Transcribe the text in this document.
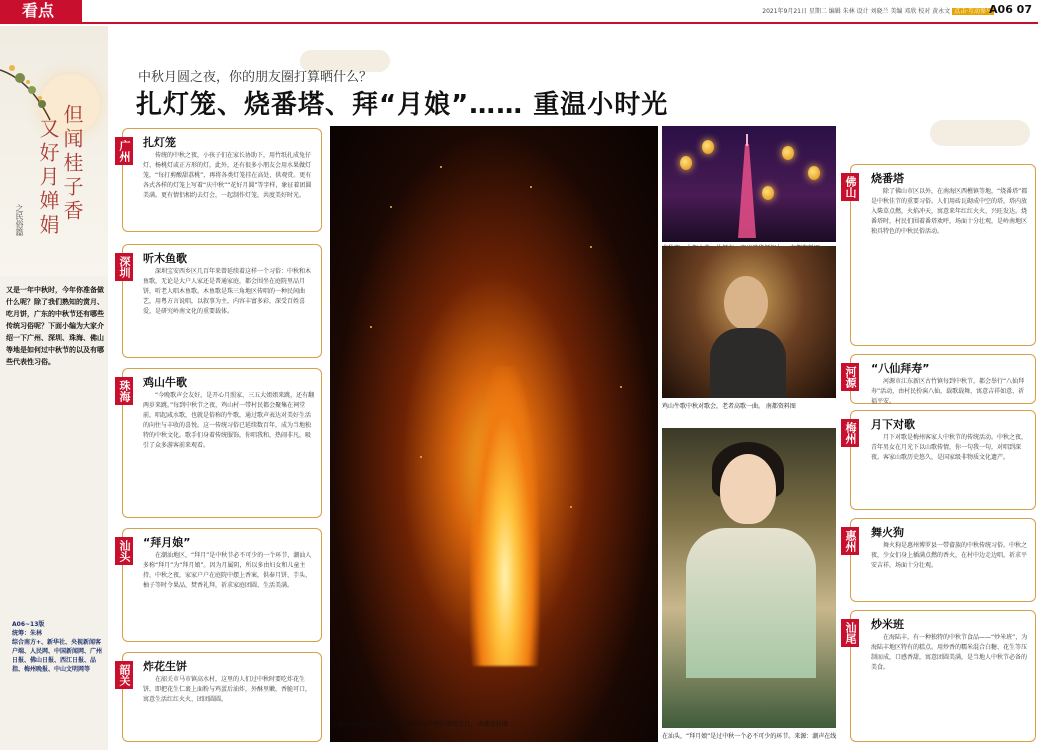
看点	2021年9月21日 星期二 编辑 朱林 设计 刘晓兰 美编 邓欣 校对 黄永文 点击·互动参与
A06 07
但闻桂子香
又好月婵娟
之民俗篇
又是一年中秋时，今年你准备做什么呢？除了我们熟知的赏月、吃月饼，广东的中秋节还有哪些传统习俗呢？下面小编为大家介绍一下广州、深圳、珠海、佛山等地是如何过中秋节的以及有哪些代表性习俗。
A06~13版
统筹：朱林
综合南方+、新华社、央视新闻客户端、人民网、中国新闻网、广州日报、佛山日报、西江日报、品指、梅州晚报、中山文明网等
中秋月圆之夜，你的朋友圈打算晒什么？
扎灯笼、烧番塔、拜“月娘”…… 重温小时光
广州 扎灯笼
传统的中秋之夜，小孩子们在家长协助下，用竹纸扎成兔仔灯、杨桃灯或正方形的灯，此外，还有很多小朋友会用水果做灯笼，“每打剪酸甜荔桃”，再将各类灯笼挂在高处，供观赏。更有各式各样的灯笼上写着“庆中秋”“花好月圆”等字样，象征着团圆美满。更有情侣相约去灯会，一起制作灯笼，共度美好时光。
深圳 听木鱼歌
深圳宝安西乡区几百年来曾延续着这样一个习俗：中秋和木鱼歌，无论是大户人家还是普通家庭，都会围坐在庭院里品月饼，听老人唱木鱼歌。木鱼歌是珠三角地区传唱的一种民间曲艺，用粤方言说唱，以叙事为主，内容丰富多彩，深受百姓喜爱，是研究岭南文化的重要载体。
珠海 鸡山牛歌
“今晚歌声会友好，是开心月照家，三五大姐姐来跳，还有翻两岁来跳。”每到中秋节之夜，鸡山村一带村民都会聚集在祠堂前，唱起咸水歌，也就是俗称的牛歌，通过歌声表达对美好生活的向往与丰收的喜悦。这一传统习俗已延续数百年，成为当地独特的中秋文化。歌手们身着传统服饰，你唱我和，热闹非凡，吸引了众多游客前来观看。
汕头 “拜月娘”
在潮汕地区，“拜月”是中秋节必不可少的一个环节，潮汕人多称“拜月”为“拜月娘”。因为月属阴，所以多由妇女和儿童主持。中秋之夜，家家户户在庭院中摆上香案，供奉月饼、芋头、柚子等时令果品，焚香礼拜，祈求家庭团圆、生活美满。
韶关 炸花生饼
在韶关市马市镇高水村，这里的人们过中秋时要吃炸花生饼，即把花生仁裹上面粉与鸡蛋后油炸，外酥里嫩，香脆可口，寓意生活红红火火、团团圆圆。
在佛山南海西部顶板村庄，烧番塔是中秋的保留节目。 南都资料图
鸡山牛歌中秋对歌会，老者高歌一曲。 南都资料图
在汕头，“拜月娘”是过中秋一个必不可少的环节。来源：潮声在线
佛山 烧番塔
除了佛山市区以外，在南海区西樵镇等地，“烧番塔”都是中秋佳节的重要习俗。人们用砖瓦砌成中空的塔，塔内放入柴草点燃，火焰冲天，寓意来年红红火火、兴旺发达。烧番塔时，村民们围着番塔欢呼，场面十分壮观，是岭南地区独具特色的中秋民俗活动。
河源 “八仙拜寿”
河源市江东新区古竹镇每到中秋节，都会举行“八仙拜寿”活动，由村民扮演八仙，载歌载舞，寓意吉祥如意，祈福平安。
梅州 月下对歌
月下对歌是梅州客家人中秋节的传统活动。中秋之夜，青年男女在月光下以山歌传情，你一句我一句，对唱到深夜。客家山歌历史悠久，是国家级非物质文化遗产。
惠州 舞火狗
舞火狗是惠州博罗县一带畲族的中秋传统习俗。中秋之夜，少女们身上插满点燃的香火，在村中边走边唱，祈求平安吉祥，场面十分壮观。
汕尾 炒米班
在海陆丰，有一种独特的中秋节食品——“炒米班”，为海陆丰地区特有的糕点。用炒香的糯米混合白糖、花生等压制而成，口感香甜，寓意团圆美满，是当地人中秋节必备的美食。
